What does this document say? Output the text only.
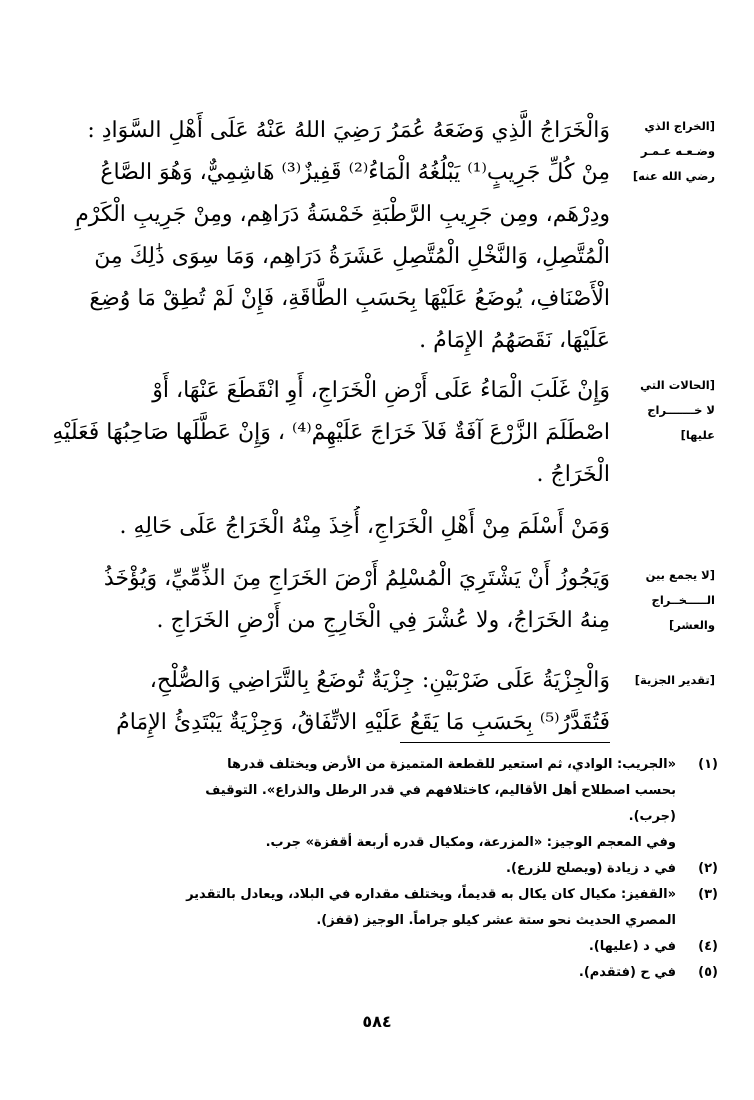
[الخراج الذي
وضـعـه عـمـر
رضي الله عنه]
[الحالات التي
لا خـــــــراج
عليها]
[لا يجمع بين
الـــــخــراج
والعشر]
[تقدير الجزية]
وَالْخَرَاجُ الَّذِي وَضَعَهُ عُمَرُ رَضِيَ اللهُ عَنْهُ عَلَى أَهْلِ السَّوَادِ :
مِنْ كُلِّ جَرِيبٍ⁽¹⁾ يَبْلُغُهُ الْمَاءُ⁽²⁾ قَفِيزٌ⁽³⁾ هَاشِمِيٌّ، وَهُوَ الصَّاعُ
ودِرْهَم، ومِن جَرِيبِ الرَّطْبَةِ خَمْسَةُ دَرَاهِم، ومِنْ جَرِيبِ الْكَرْمِ
الْمُتَّصِلِ، وَالنَّخْلِ الْمُتَّصِلِ عَشَرَةُ دَرَاهِم، وَمَا سِوَى ذَٰلِكَ مِنَ
الْأَصْنَافِ، يُوضَعُ عَلَيْهَا بِحَسَبِ الطَّاقَةِ، فَإِنْ لَمْ تُطِقْ مَا وُضِعَ
عَلَيْهَا، نَقَصَهُمُ الإِمَامُ .
وَإِنْ غَلَبَ الْمَاءُ عَلَى أَرْضِ الْخَرَاجِ، أَوِ انْقَطَعَ عَنْهَا، أَوْ
اصْطَلَمَ الزَّرْعَ آفَةٌ فَلاَ خَرَاجَ عَلَيْهِمْ⁽⁴⁾ ، وَإِنْ عَطَّلَها صَاحِبُهَا فَعَلَيْهِ
الْخَرَاجُ .
وَمَنْ أَسْلَمَ مِنْ أَهْلِ الْخَرَاجِ، أُخِذَ مِنْهُ الْخَرَاجُ عَلَى حَالِهِ .
وَيَجُوزُ أَنْ يَشْتَرِيَ الْمُسْلِمُ أَرْضَ الخَرَاجِ مِنَ الذِّمِّيِّ، وَيُؤْخَذُ
مِنهُ الخَرَاجُ، ولا عُشْرَ فِي الْخَارِجِ من أَرْضِ الخَرَاجِ .
وَالْجِزْيَةُ عَلَى ضَرْبَيْنِ: جِزْيَةٌ تُوضَعُ بِالتَّرَاضِي وَالصُّلْحِ،
فَتُقَدَّرُ⁽⁵⁾ بِحَسَبِ مَا يَقَعُ عَلَيْهِ الاتِّفَاقُ، وَجِزْيَةٌ يَبْتَدِئُ الإِمَامُ
(١)
«الجريب: الوادي، ثم استعير للقطعة المتميزة من الأرض ويختلف قدرها
بحسب اصطلاح أهل الأقاليم، كاختلافهم في قدر الرطل والذراع». التوقيف
(جرب).
وفي المعجم الوجيز: «المزرعة، ومكيال قدره أربعة أقفزة» جرب.
(٢)
في د زيادة (ويصلح للزرع).
(٣)
«القفيز: مكيال كان يكال به قديماً، ويختلف مقداره في البلاد، ويعادل بالتقدير
المصري الحديث نحو ستة عشر كيلو جراماً. الوجيز (قفز).
(٤)
في د (عليها).
(٥)
في ح (فتقدم).
٥٨٤
